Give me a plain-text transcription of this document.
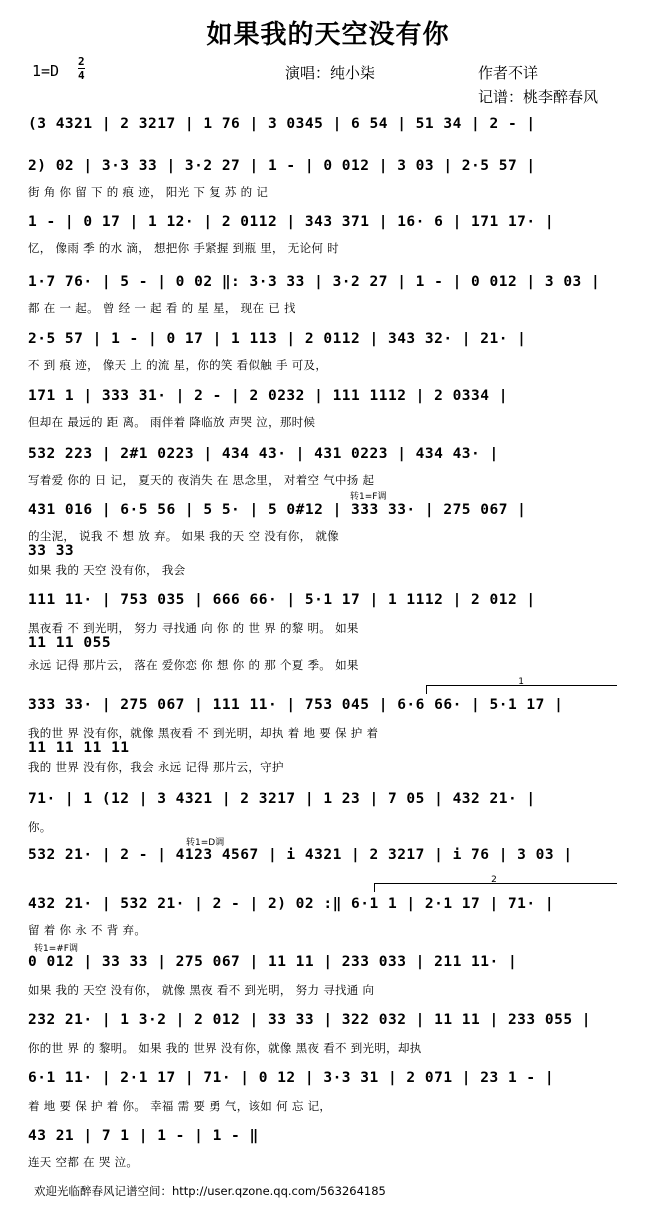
如果我的天空没有你
1=D
2
4	演唱：纯小柒	作者不详
记谱：桃李醉春风
(3 4321 | 2 3217 | 1 76 | 3 0345 | 6 54 | 51 34 | 2 - |
2) 02 | 3·3 33 | 3·2 27 | 1 - | 0 012 | 3 03 | 2·5 57 |
街 角 你 留 下 的 痕 迹， 阳光 下 复 苏 的 记
1 - | 0 17 | 1 12· | 2 0112 | 343 371 | 16· 6 | 171 17· |
忆， 像雨 季 的水 滴， 想把你 手紧握 到瓶 里， 无论何 时
1·7 76· | 5 - | 0 02 ‖: 3·3 33 | 3·2 27 | 1 - | 0 012 | 3 03 |
都 在 一 起。 曾 经 一 起 看 的 星 星， 现在 已 找
2·5 57 | 1 - | 0 17 | 1 113 | 2 0112 | 343 32· | 21· |
不 到 痕 迹， 像天 上 的流 星，你的笑 看似触 手 可及，
171 1 | 333 31· | 2 - | 2 0232 | 111 1112 | 2 0334 |
但却在 最远的 距 离。 雨伴着 降临放 声哭 泣，那时候
532 223 | 2#1 0223 | 434 43· | 431 0223 | 434 43· |
写着爱 你的 日 记， 夏天的 夜消失 在 思念里， 对着空 气中扬 起
转1=F调
431 016 | 6·5 56 | 5 5· | 5 0#12 | 333 33· | 275 067 |
的尘泥， 说我 不 想 放 弃。 如果 我的天 空 没有你， 就像
33 33
如果 我的 天空 没有你， 我会
111 11· | 753 035 | 666 66· | 5·1 17 | 1 1112 | 2 012 |
黑夜看 不 到光明， 努力 寻找通 向 你 的 世 界 的黎 明。 如果
11 11 055
永远 记得 那片云， 落在 爱你恋 你 想 你 的 那 个夏 季。 如果
1
333 33· | 275 067 | 111 11· | 753 045 | 6·6 66· | 5·1 17 |
我的世 界 没有你，就像 黑夜看 不 到光明，却执 着 地 要 保 护 着
11 11 11 11
我的 世界 没有你，我会 永远 记得 那片云，守护
71· | 1 (12 | 3 4321 | 2 3217 | 1 23 | 7 05 | 432 21· |
你。
转1=D调
532 21· | 2 - | 4123 4567 | i 4321 | 2 3217 | i 76 | 3 03 |
2
432 21· | 532 21· | 2 - | 2) 02 :‖ 6·1 1 | 2·1 17 | 71· |
留 着 你 永 不 背 弃。
转1=#F调
0 012 | 33 33 | 275 067 | 11 11 | 233 033 | 211 11· |
如果 我的 天空 没有你， 就像 黑夜 看不 到光明， 努力 寻找通 向
232 21· | 1 3·2 | 2 012 | 33 33 | 322 032 | 11 11 | 233 055 |
你的世 界 的 黎明。 如果 我的 世界 没有你，就像 黑夜 看不 到光明，却执
6·1 11· | 2·1 17 | 71· | 0 12 | 3·3 31 | 2 071 | 23 1 - |
着 地 要 保 护 着 你。 幸福 需 要 勇 气，该如 何 忘 记，
43 21 | 7 1 | 1 - | 1 - ‖
连天 空都 在 哭 泣。
欢迎光临醉春风记谱空间：http://user.qzone.qq.com/563264185
